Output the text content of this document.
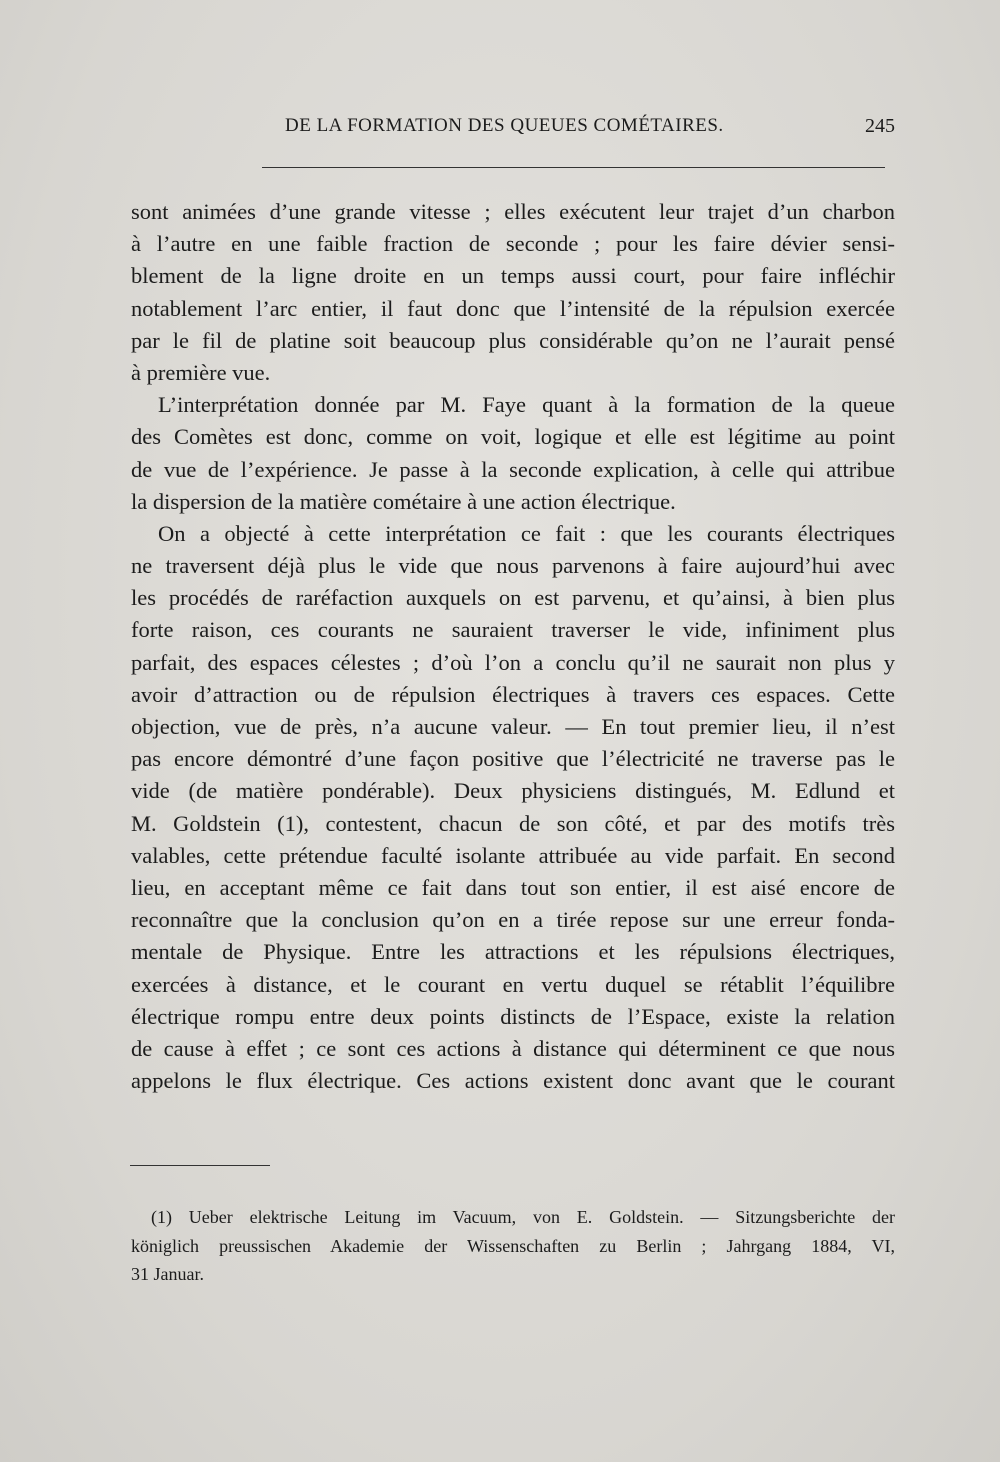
DE LA FORMATION DES QUEUES COMÉTAIRES.	245
sont animées d’une grande vitesse ; elles exécutent leur trajet d’un charbon
à l’autre en une faible fraction de seconde ; pour les faire dévier sensi-
blement de la ligne droite en un temps aussi court, pour faire infléchir
notablement l’arc entier, il faut donc que l’intensité de la répulsion exercée
par le fil de platine soit beaucoup plus considérable qu’on ne l’aurait pensé
à première vue.
L’interprétation donnée par M. Faye quant à la formation de la queue
des Comètes est donc, comme on voit, logique et elle est légitime au point
de vue de l’expérience. Je passe à la seconde explication, à celle qui attribue
la dispersion de la matière cométaire à une action électrique.
On a objecté à cette interprétation ce fait : que les courants électriques
ne traversent déjà plus le vide que nous parvenons à faire aujourd’hui avec
les procédés de raréfaction auxquels on est parvenu, et qu’ainsi, à bien plus
forte raison, ces courants ne sauraient traverser le vide, infiniment plus
parfait, des espaces célestes ; d’où l’on a conclu qu’il ne saurait non plus y
avoir d’attraction ou de répulsion électriques à travers ces espaces. Cette
objection, vue de près, n’a aucune valeur. — En tout premier lieu, il n’est
pas encore démontré d’une façon positive que l’électricité ne traverse pas le
vide (de matière pondérable). Deux physiciens distingués, M. Edlund et
M. Goldstein (1), contestent, chacun de son côté, et par des motifs très
valables, cette prétendue faculté isolante attribuée au vide parfait. En second
lieu, en acceptant même ce fait dans tout son entier, il est aisé encore de
reconnaître que la conclusion qu’on en a tirée repose sur une erreur fonda-
mentale de Physique. Entre les attractions et les répulsions électriques,
exercées à distance, et le courant en vertu duquel se rétablit l’équilibre
électrique rompu entre deux points distincts de l’Espace, existe la relation
de cause à effet ; ce sont ces actions à distance qui déterminent ce que nous
appelons le flux électrique. Ces actions existent donc avant que le courant
(1) Ueber elektrische Leitung im Vacuum, von E. Goldstein. — Sitzungsberichte der
königlich preussischen Akademie der Wissenschaften zu Berlin ; Jahrgang 1884, VI,
31 Januar.
